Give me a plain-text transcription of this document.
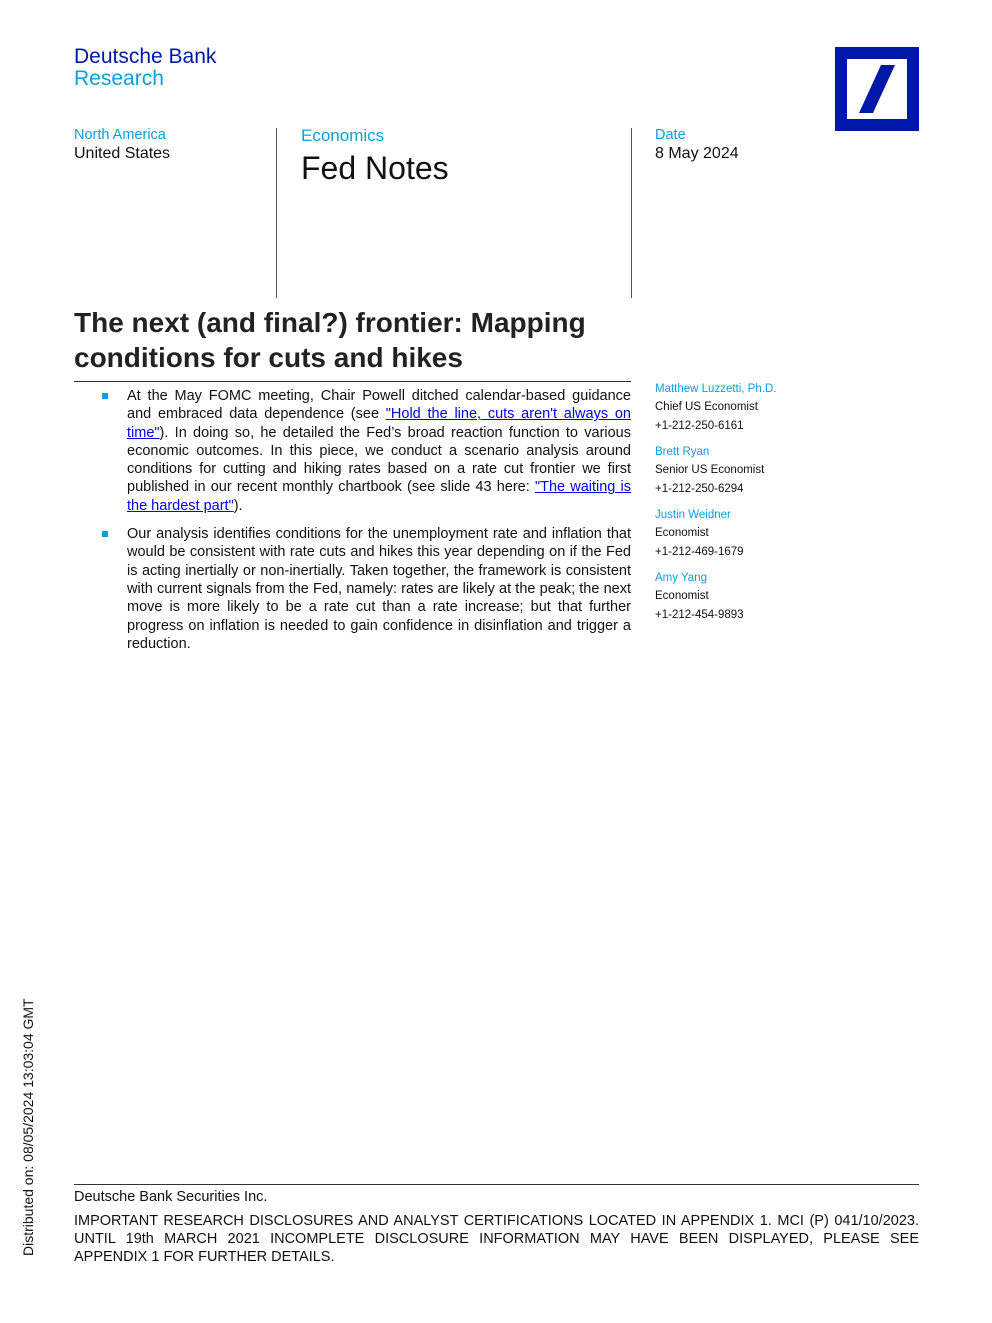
Deutsche Bank
Research
North America
United States
Economics
Fed Notes
Date
8 May 2024
The next (and final?) frontier: Mapping conditions for cuts and hikes
At the May FOMC meeting, Chair Powell ditched calendar-based guidance and embraced data dependence (see "Hold the line, cuts aren't always on time"). In doing so, he detailed the Fed’s broad reaction function to various economic outcomes. In this piece, we conduct a scenario analysis around conditions for cutting and hiking rates based on a rate cut frontier we first published in our recent monthly chartbook (see slide 43 here: "The waiting is the hardest part").
Our analysis identifies conditions for the unemployment rate and inflation that would be consistent with rate cuts and hikes this year depending on if the Fed is acting inertially or non-inertially. Taken together, the framework is consistent with current signals from the Fed, namely: rates are likely at the peak; the next move is more likely to be a rate cut than a rate increase; but that further progress on inflation is needed to gain confidence in disinflation and trigger a reduction.
Matthew Luzzetti, Ph.D.
Chief US Economist
+1-212-250-6161
Brett Ryan
Senior US Economist
+1-212-250-6294
Justin Weidner
Economist
+1-212-469-1679
Amy Yang
Economist
+1-212-454-9893
Distributed on: 08/05/2024 13:03:04 GMT	Deutsche Bank Securities Inc.
IMPORTANT RESEARCH DISCLOSURES AND ANALYST CERTIFICATIONS LOCATED IN APPENDIX 1. MCI (P) 041/10/2023. UNTIL 19th MARCH 2021 INCOMPLETE DISCLOSURE INFORMATION MAY HAVE BEEN DISPLAYED, PLEASE SEE APPENDIX 1 FOR FURTHER DETAILS.
